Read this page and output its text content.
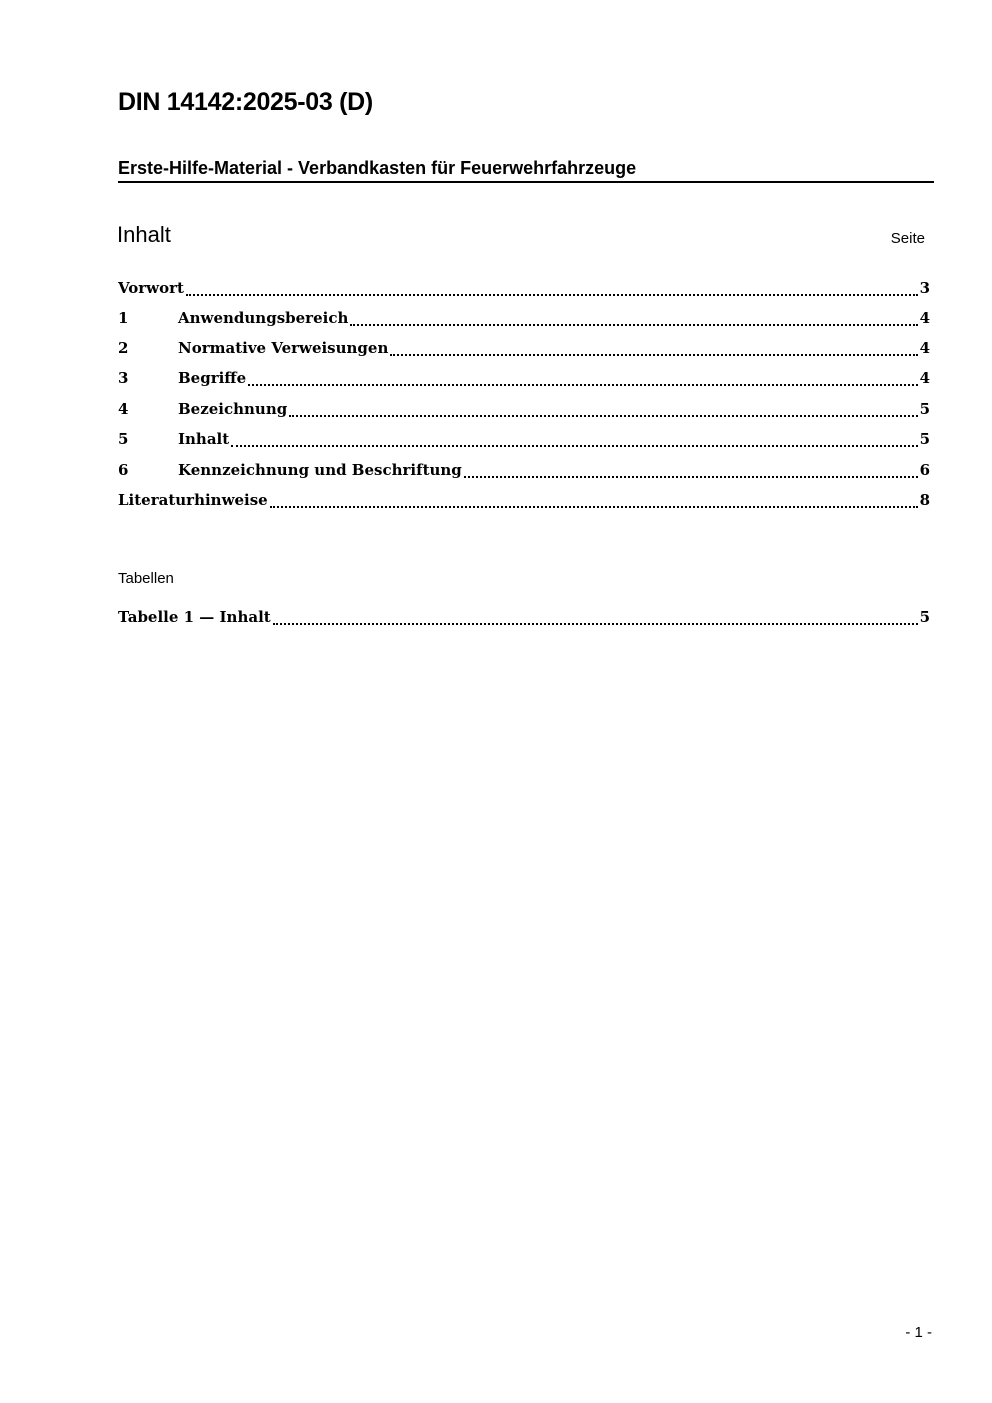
DIN 14142:2025-03 (D)
Erste-Hilfe-Material - Verbandkasten für Feuerwehrfahrzeuge
Inhalt	Seite
Vorwort	3
1	Anwendungsbereich	4
2	Normative Verweisungen	4
3	Begriffe	4
4	Bezeichnung	5
5	Inhalt	5
6	Kennzeichnung und Beschriftung	6
Literaturhinweise	8
Tabellen
Tabelle 1 — Inhalt	5
- 1 -
